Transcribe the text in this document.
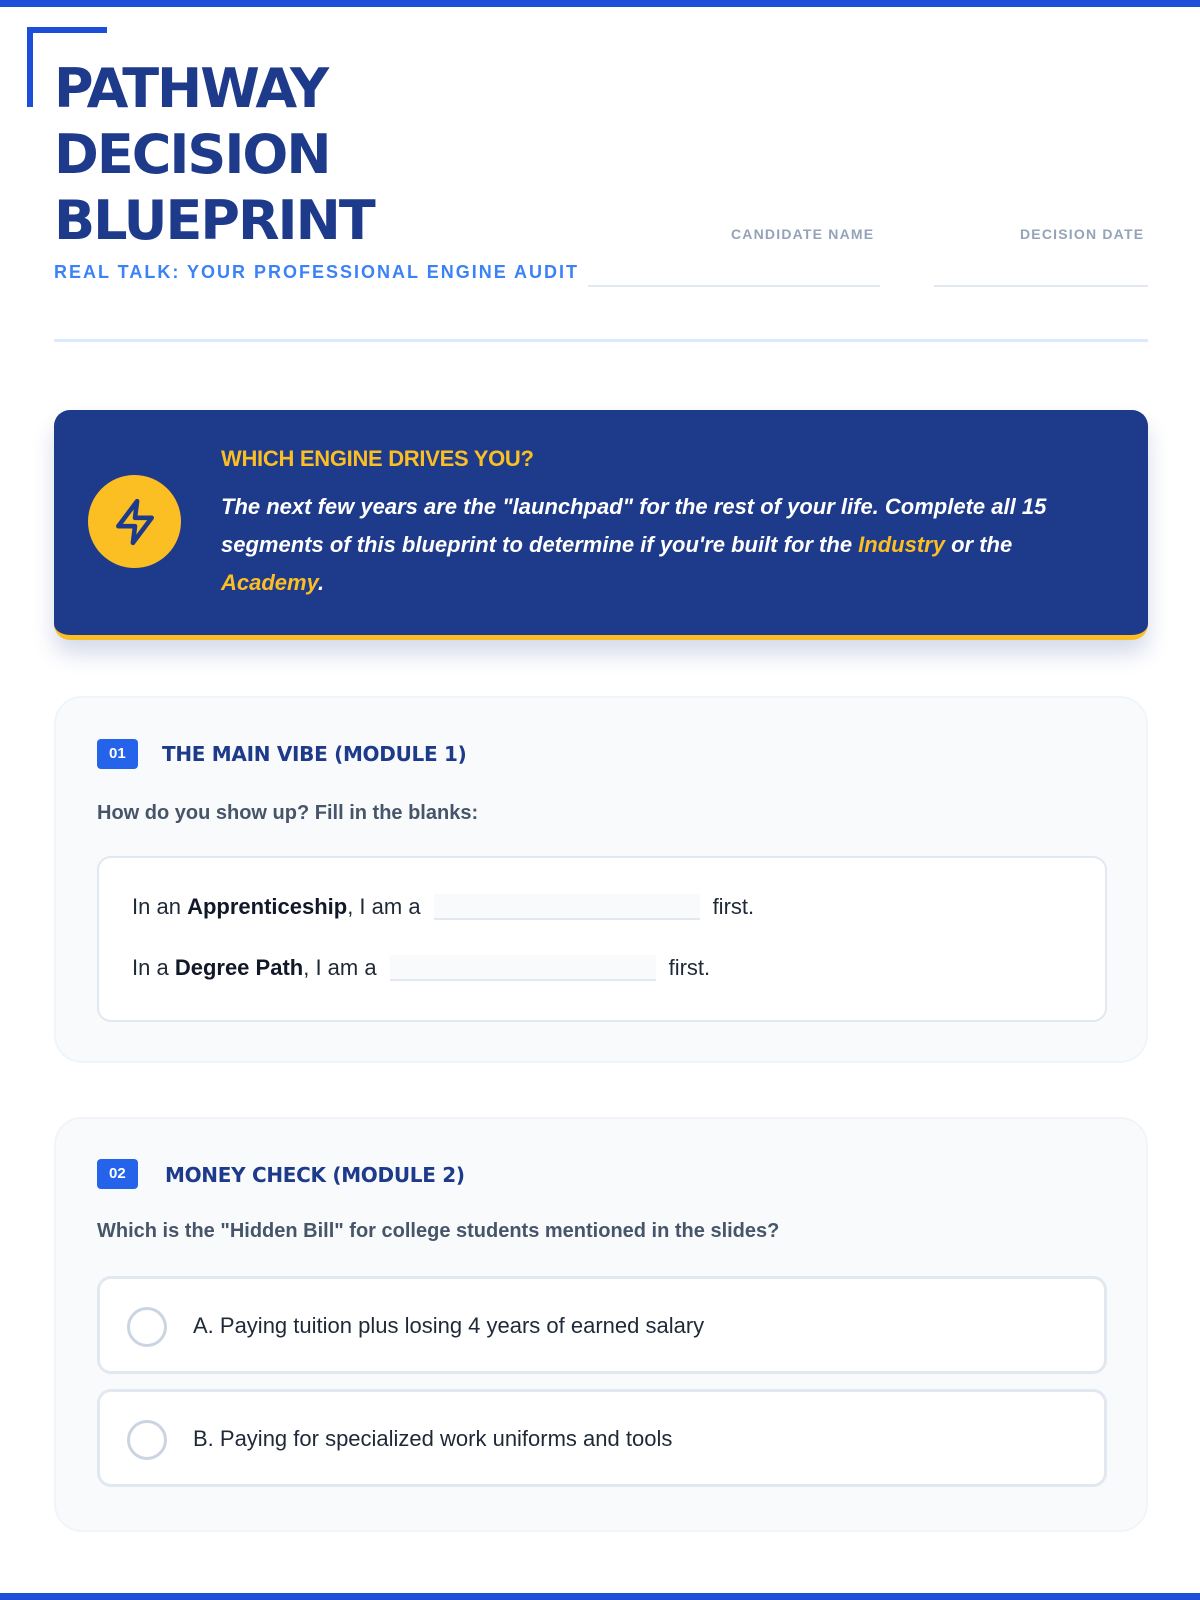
PATHWAY
DECISION
BLUEPRINT
REAL TALK: YOUR PROFESSIONAL ENGINE AUDIT
CANDIDATE NAME	DECISION DATE
WHICH ENGINE DRIVES YOU?
The next few years are the "launchpad" for the rest of your life. Complete all 15 segments of this blueprint to determine if you're built for the Industry or the Academy.
01	THE MAIN VIBE (MODULE 1)
How do you show up? Fill in the blanks:
In an
Apprenticeship , I am a	first.
In a
Degree Path , I am a	first.
02	MONEY CHECK (MODULE 2)
Which is the "Hidden Bill" for college students mentioned in the slides?
A. Paying tuition plus losing 4 years of earned salary
B. Paying for specialized work uniforms and tools
